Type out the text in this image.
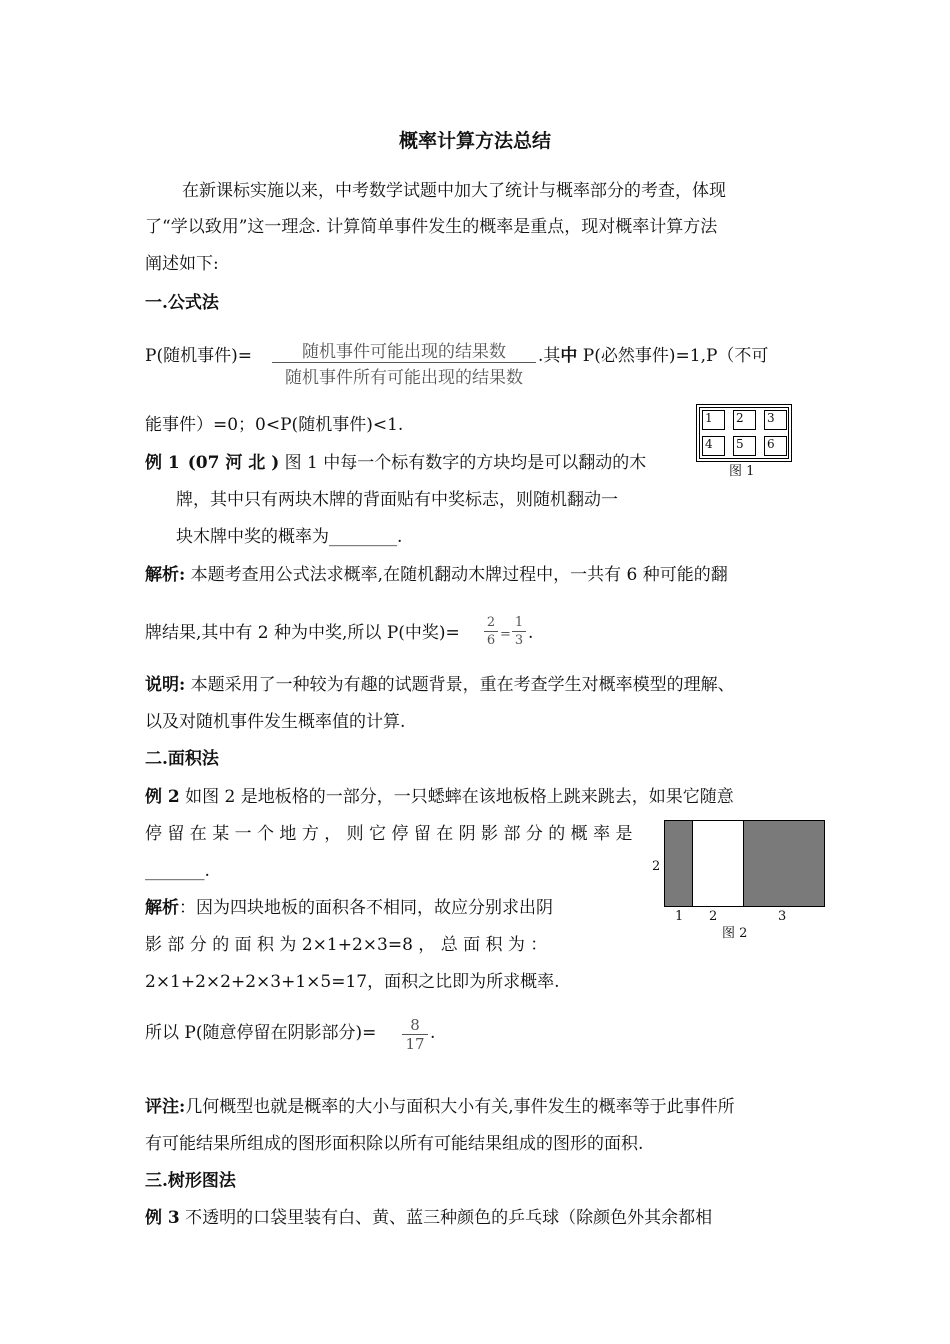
概率计算方法总结
在新课标实施以来，中考数学试题中加大了统计与概率部分的考查，体现
了“学以致用”这一理念. 计算简单事件发生的概率是重点，现对概率计算方法
阐述如下:
一.公式法
P(随机事件)=	随机事件可能出现的结果数
随机事件所有可能出现的结果数
.其中 P(必然事件)=1,P（不可
能事件）=0；0<P(随机事件)<1.	1	2	3
4	5	6
图 1
例 1 (07 河 北 ) 图 1 中每一个标有数字的方块均是可以翻动的木
牌，其中只有两块木牌的背面贴有中奖标志，则随机翻动一
块木牌中奖的概率为________.
解析: 本题考查用公式法求概率,在随机翻动木牌过程中，一共有 6 种可能的翻
牌结果,其中有 2 种为中奖,所以 P(中奖)=
2
6 =
1
3 .
说明: 本题采用了一种较为有趣的试题背景，重在考查学生对概率模型的理解、
以及对随机事件发生概率值的计算.
二.面积法
例 2 如图 2 是地板格的一部分，一只蟋蟀在该地板格上跳来跳去，如果它随意
停 留 在 某 一 个 地 方 ， 则 它 停 留 在 阴 影 部 分 的 概 率 是
_______.	2
1 2	3
图 2
解析：因为四块地板的面积各不相同，故应分别求出阴
影 部 分 的 面 积 为 2×1+2×3=8 ， 总 面 积 为 ：
2×1+2×2+2×3+1×5=17，面积之比即为所求概率.
所以 P(随意停留在阴影部分)=	8
17
.
评注:几何概型也就是概率的大小与面积大小有关,事件发生的概率等于此事件所
有可能结果所组成的图形面积除以所有可能结果组成的图形的面积.
三.树形图法
例 3 不透明的口袋里装有白、黄、蓝三种颜色的乒乓球（除颜色外其余都相
